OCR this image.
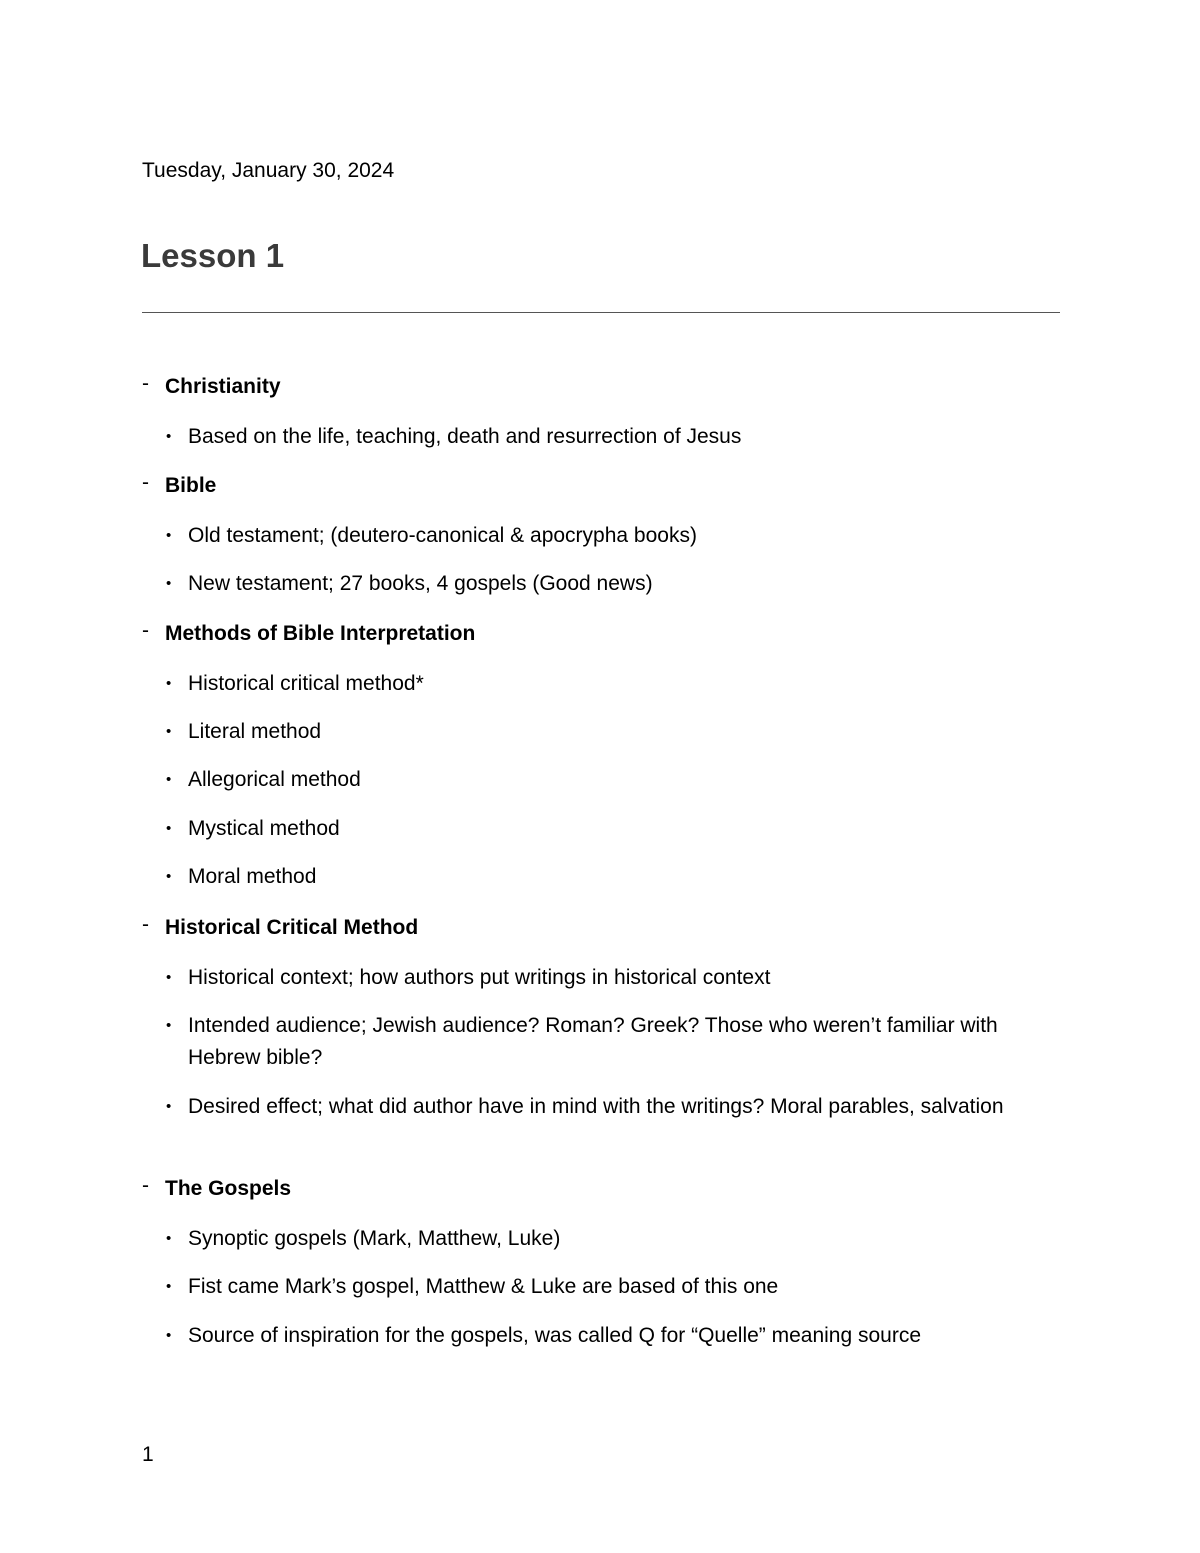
Tuesday, January 30, 2024
Lesson 1
- Christianity
• Based on the life, teaching, death and resurrection of Jesus
- Bible
• Old testament; (deutero-canonical & apocrypha books)
• New testament; 27 books, 4 gospels (Good news)
- Methods of Bible Interpretation
• Historical critical method*
• Literal method
• Allegorical method
• Mystical method
• Moral method
- Historical Critical Method
• Historical context; how authors put writings in historical context
• Intended audience; Jewish audience? Roman? Greek? Those who weren’t familiar with Hebrew bible?
• Desired effect; what did author have in mind with the writings? Moral parables, salvation
- The Gospels
• Synoptic gospels (Mark, Matthew, Luke)
• Fist came Mark’s gospel, Matthew & Luke are based of this one
• Source of inspiration for the gospels, was called Q for “Quelle” meaning source
1
